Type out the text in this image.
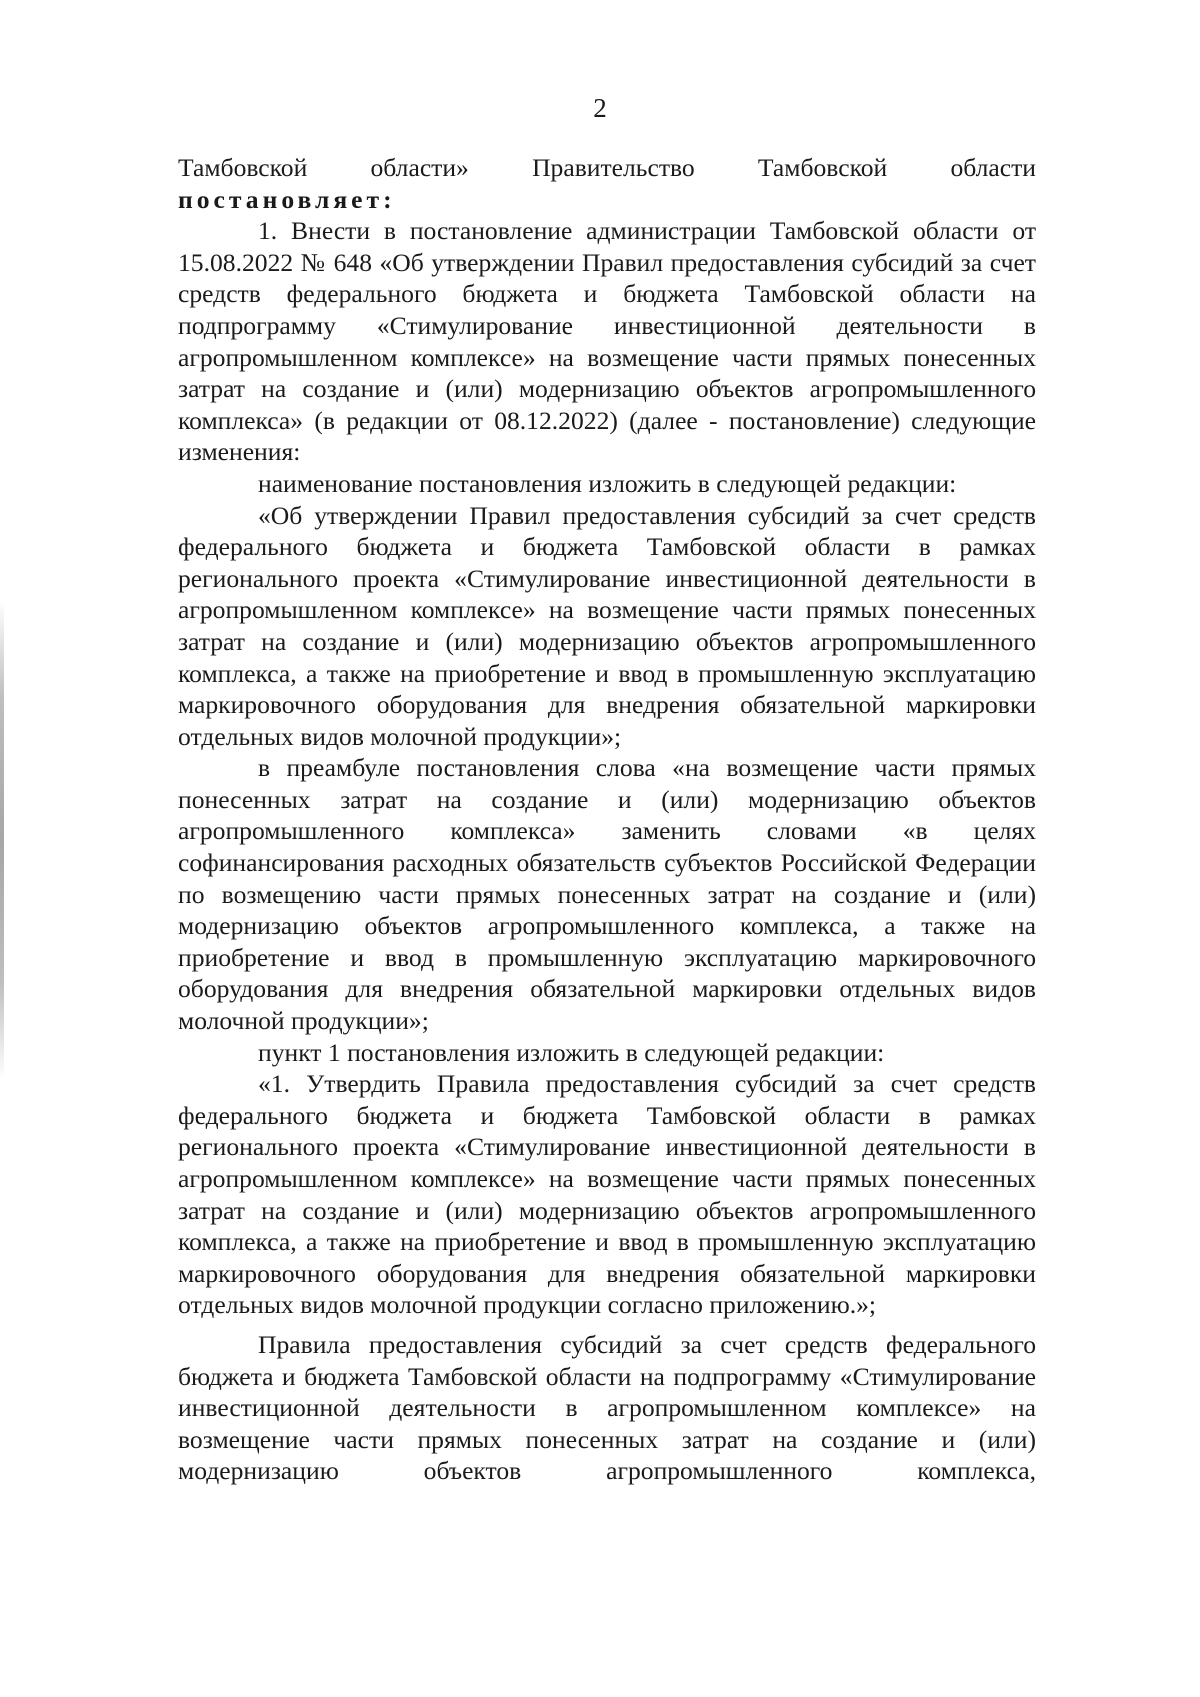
2

Тамбовской области» Правительство Тамбовской области

постановляет:

1. Внести в постановление администрации Тамбовской области от 15.08.2022 № 648 «Об утверждении Правил предоставления субсидий за счет средств федерального бюджета и бюджета Тамбовской области на подпрограмму «Стимулирование инвестиционной деятельности в агропромышленном комплексе» на возмещение части прямых понесенных затрат на создание и (или) модернизацию объектов агропромышленного комплекса» (в редакции от 08.12.2022) (далее - постановление) следующие изменения:

наименование постановления изложить в следующей редакции:

«Об утверждении Правил предоставления субсидий за счет средств федерального бюджета и бюджета Тамбовской области в рамках регионального проекта «Стимулирование инвестиционной деятельности в агропромышленном комплексе» на возмещение части прямых понесенных затрат на создание и (или) модернизацию объектов агропромышленного комплекса, а также на приобретение и ввод в промышленную эксплуатацию маркировочного оборудования для внедрения обязательной маркировки отдельных видов молочной продукции»;

в преамбуле постановления слова «на возмещение части прямых понесенных затрат на создание и (или) модернизацию объектов агропромышленного комплекса» заменить словами «в целях софинансирования расходных обязательств субъектов Российской Федерации по возмещению части прямых понесенных затрат на создание и (или) модернизацию объектов агропромышленного комплекса, а также на приобретение и ввод в промышленную эксплуатацию маркировочного оборудования для внедрения обязательной маркировки отдельных видов молочной продукции»;

пункт 1 постановления изложить в следующей редакции:

«1. Утвердить Правила предоставления субсидий за счет средств федерального бюджета и бюджета Тамбовской области в рамках регионального проекта «Стимулирование инвестиционной деятельности в агропромышленном комплексе» на возмещение части прямых понесенных затрат на создание и (или) модернизацию объектов агропромышленного комплекса, а также на приобретение и ввод в промышленную эксплуатацию маркировочного оборудования для внедрения обязательной маркировки отдельных видов молочной продукции согласно приложению.»;

Правила предоставления субсидий за счет средств федерального бюджета и бюджета Тамбовской области на подпрограмму «Стимулирование инвестиционной деятельности в агропромышленном комплексе» на возмещение части прямых понесенных затрат на создание и (или) модернизацию объектов агропромышленного комплекса,
